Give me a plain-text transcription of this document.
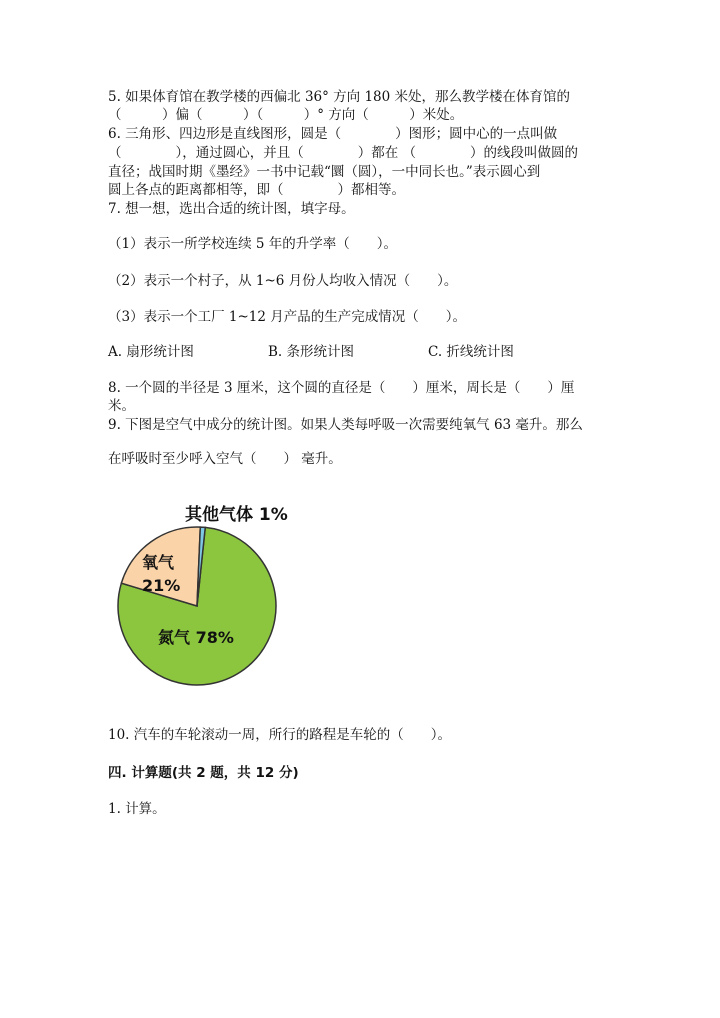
5. 如果体育馆在教学楼的西偏北 36° 方向 180 米处，那么教学楼在体育馆的
（　　　）偏（　　　）（　　　）° 方向（　　　）米处。
6. 三角形、四边形是直线图形，圆是（　　　　）图形；圆中心的一点叫做
（　　　　），通过圆心，并且（　　　　）都在 （　　　　）的线段叫做圆的
直径；战国时期《墨经》一书中记载“圜（圆），一中同长也。”表示圆心到
圆上各点的距离都相等，即（　　　　）都相等。
7. 想一想，选出合适的统计图，填字母。
（1）表示一所学校连续 5 年的升学率（　　）。
（2）表示一个村子，从 1~6 月份人均收入情况（　　）。
（3）表示一个工厂 1~12 月产品的生产完成情况（　　）。
A. 扇形统计图	B. 条形统计图	C. 折线统计图
8. 一个圆的半径是 3 厘米，这个圆的直径是（　　）厘米，周长是（　　）厘
米。
9. 下图是空气中成分的统计图。如果人类每呼吸一次需要纯氧气 63 毫升。那么
在呼吸时至少呼入空气（　　） 毫升。
氮气 78%
氧气
21%
其他气体 1%
10. 汽车的车轮滚动一周，所行的路程是车轮的（　　）。
四. 计算题(共 2 题，共 12 分)
1. 计算。
